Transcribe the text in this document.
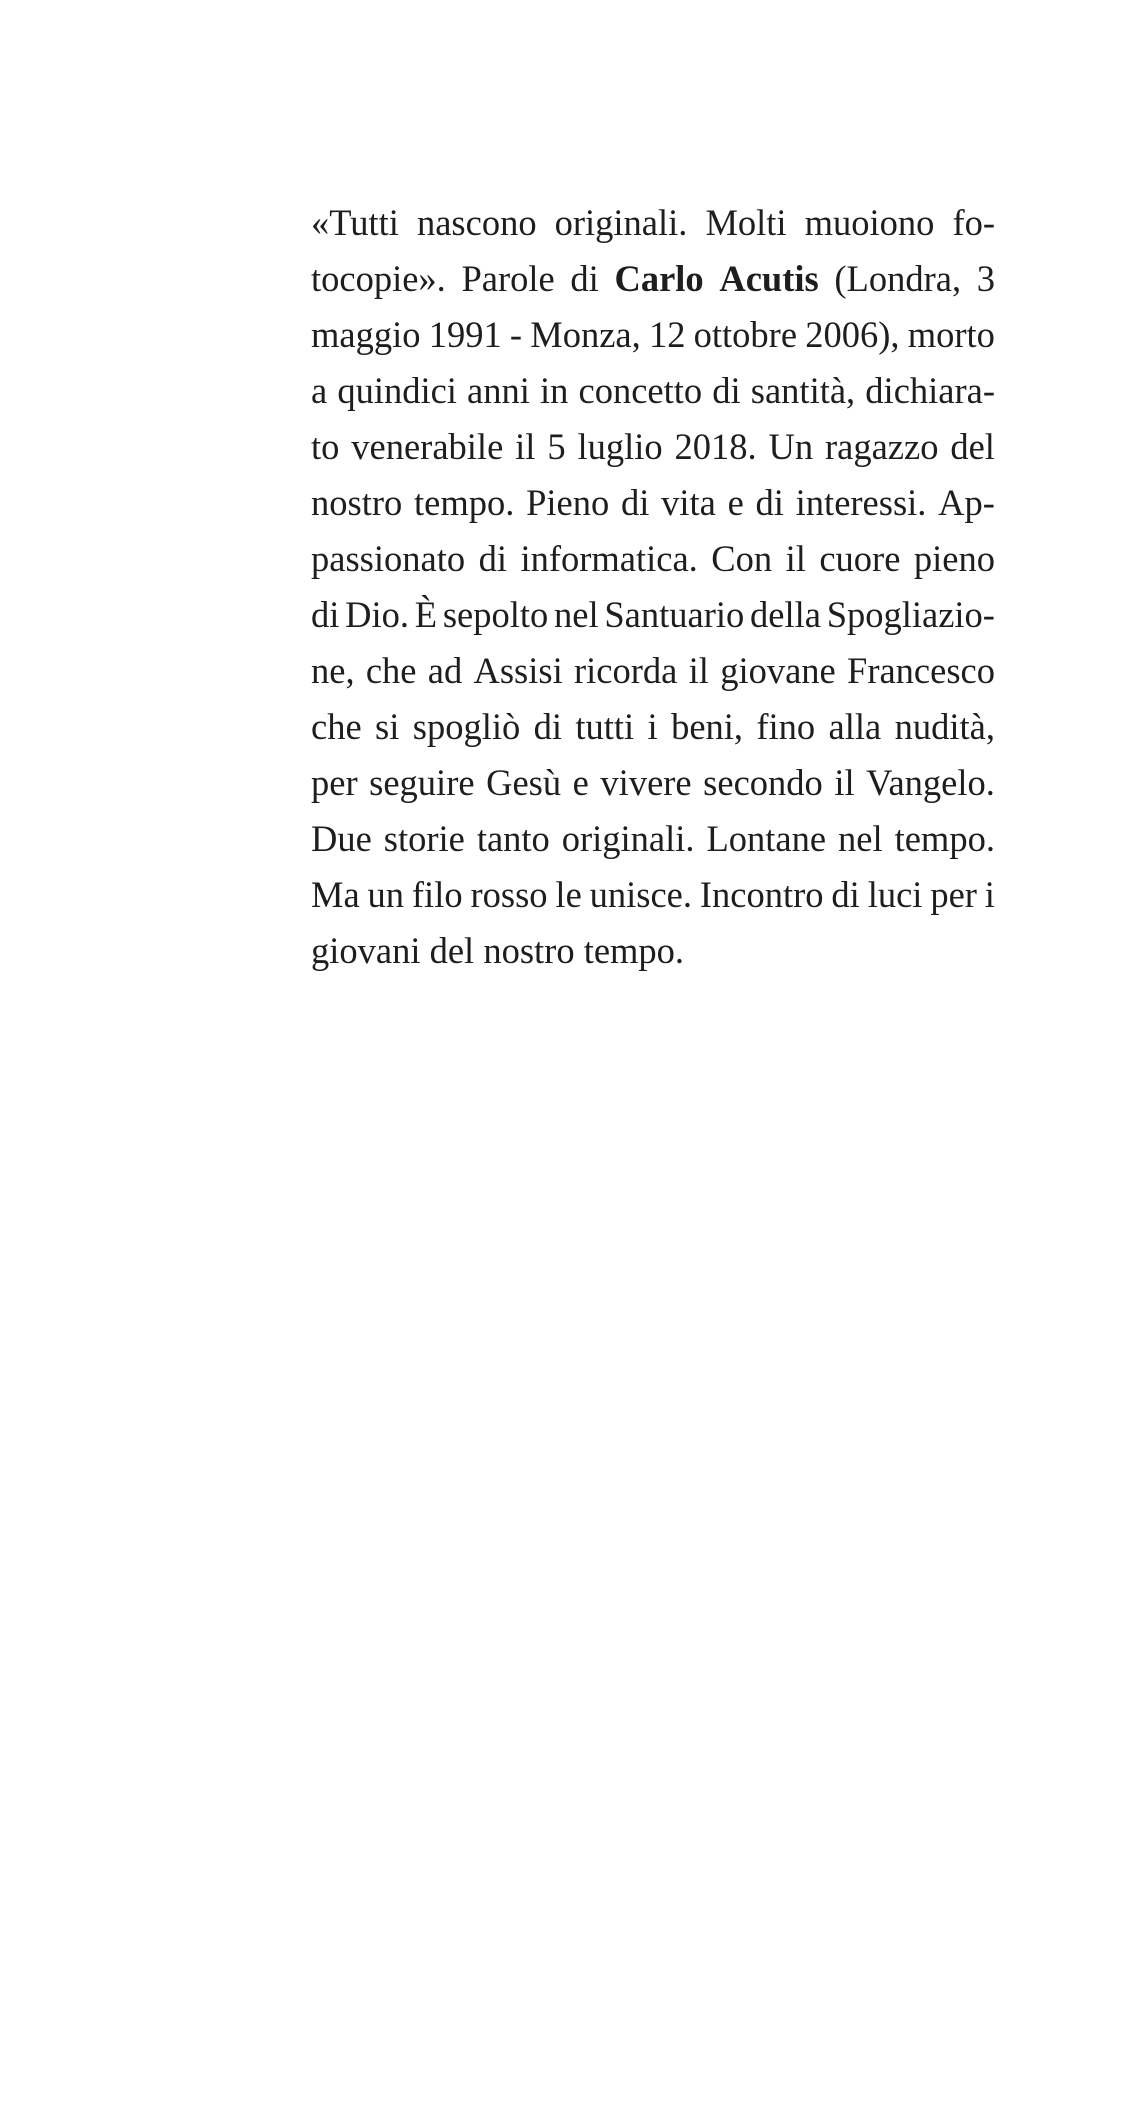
«Tutti nascono originali. Molti muoiono fo-
tocopie». Parole di Carlo Acutis (Londra, 3
maggio 1991 - Monza, 12 ottobre 2006), morto
a quindici anni in concetto di santità, dichiara-
to venerabile il 5 luglio 2018. Un ragazzo del
nostro tempo. Pieno di vita e di interessi. Ap-
passionato di informatica. Con il cuore pieno
di Dio. È sepolto nel Santuario della Spogliazio-
ne, che ad Assisi ricorda il giovane Francesco
che si spogliò di tutti i beni, fino alla nudità,
per seguire Gesù e vivere secondo il Vangelo.
Due storie tanto originali. Lontane nel tempo.
Ma un filo rosso le unisce. Incontro di luci per i
giovani
del
nostro
tempo.
